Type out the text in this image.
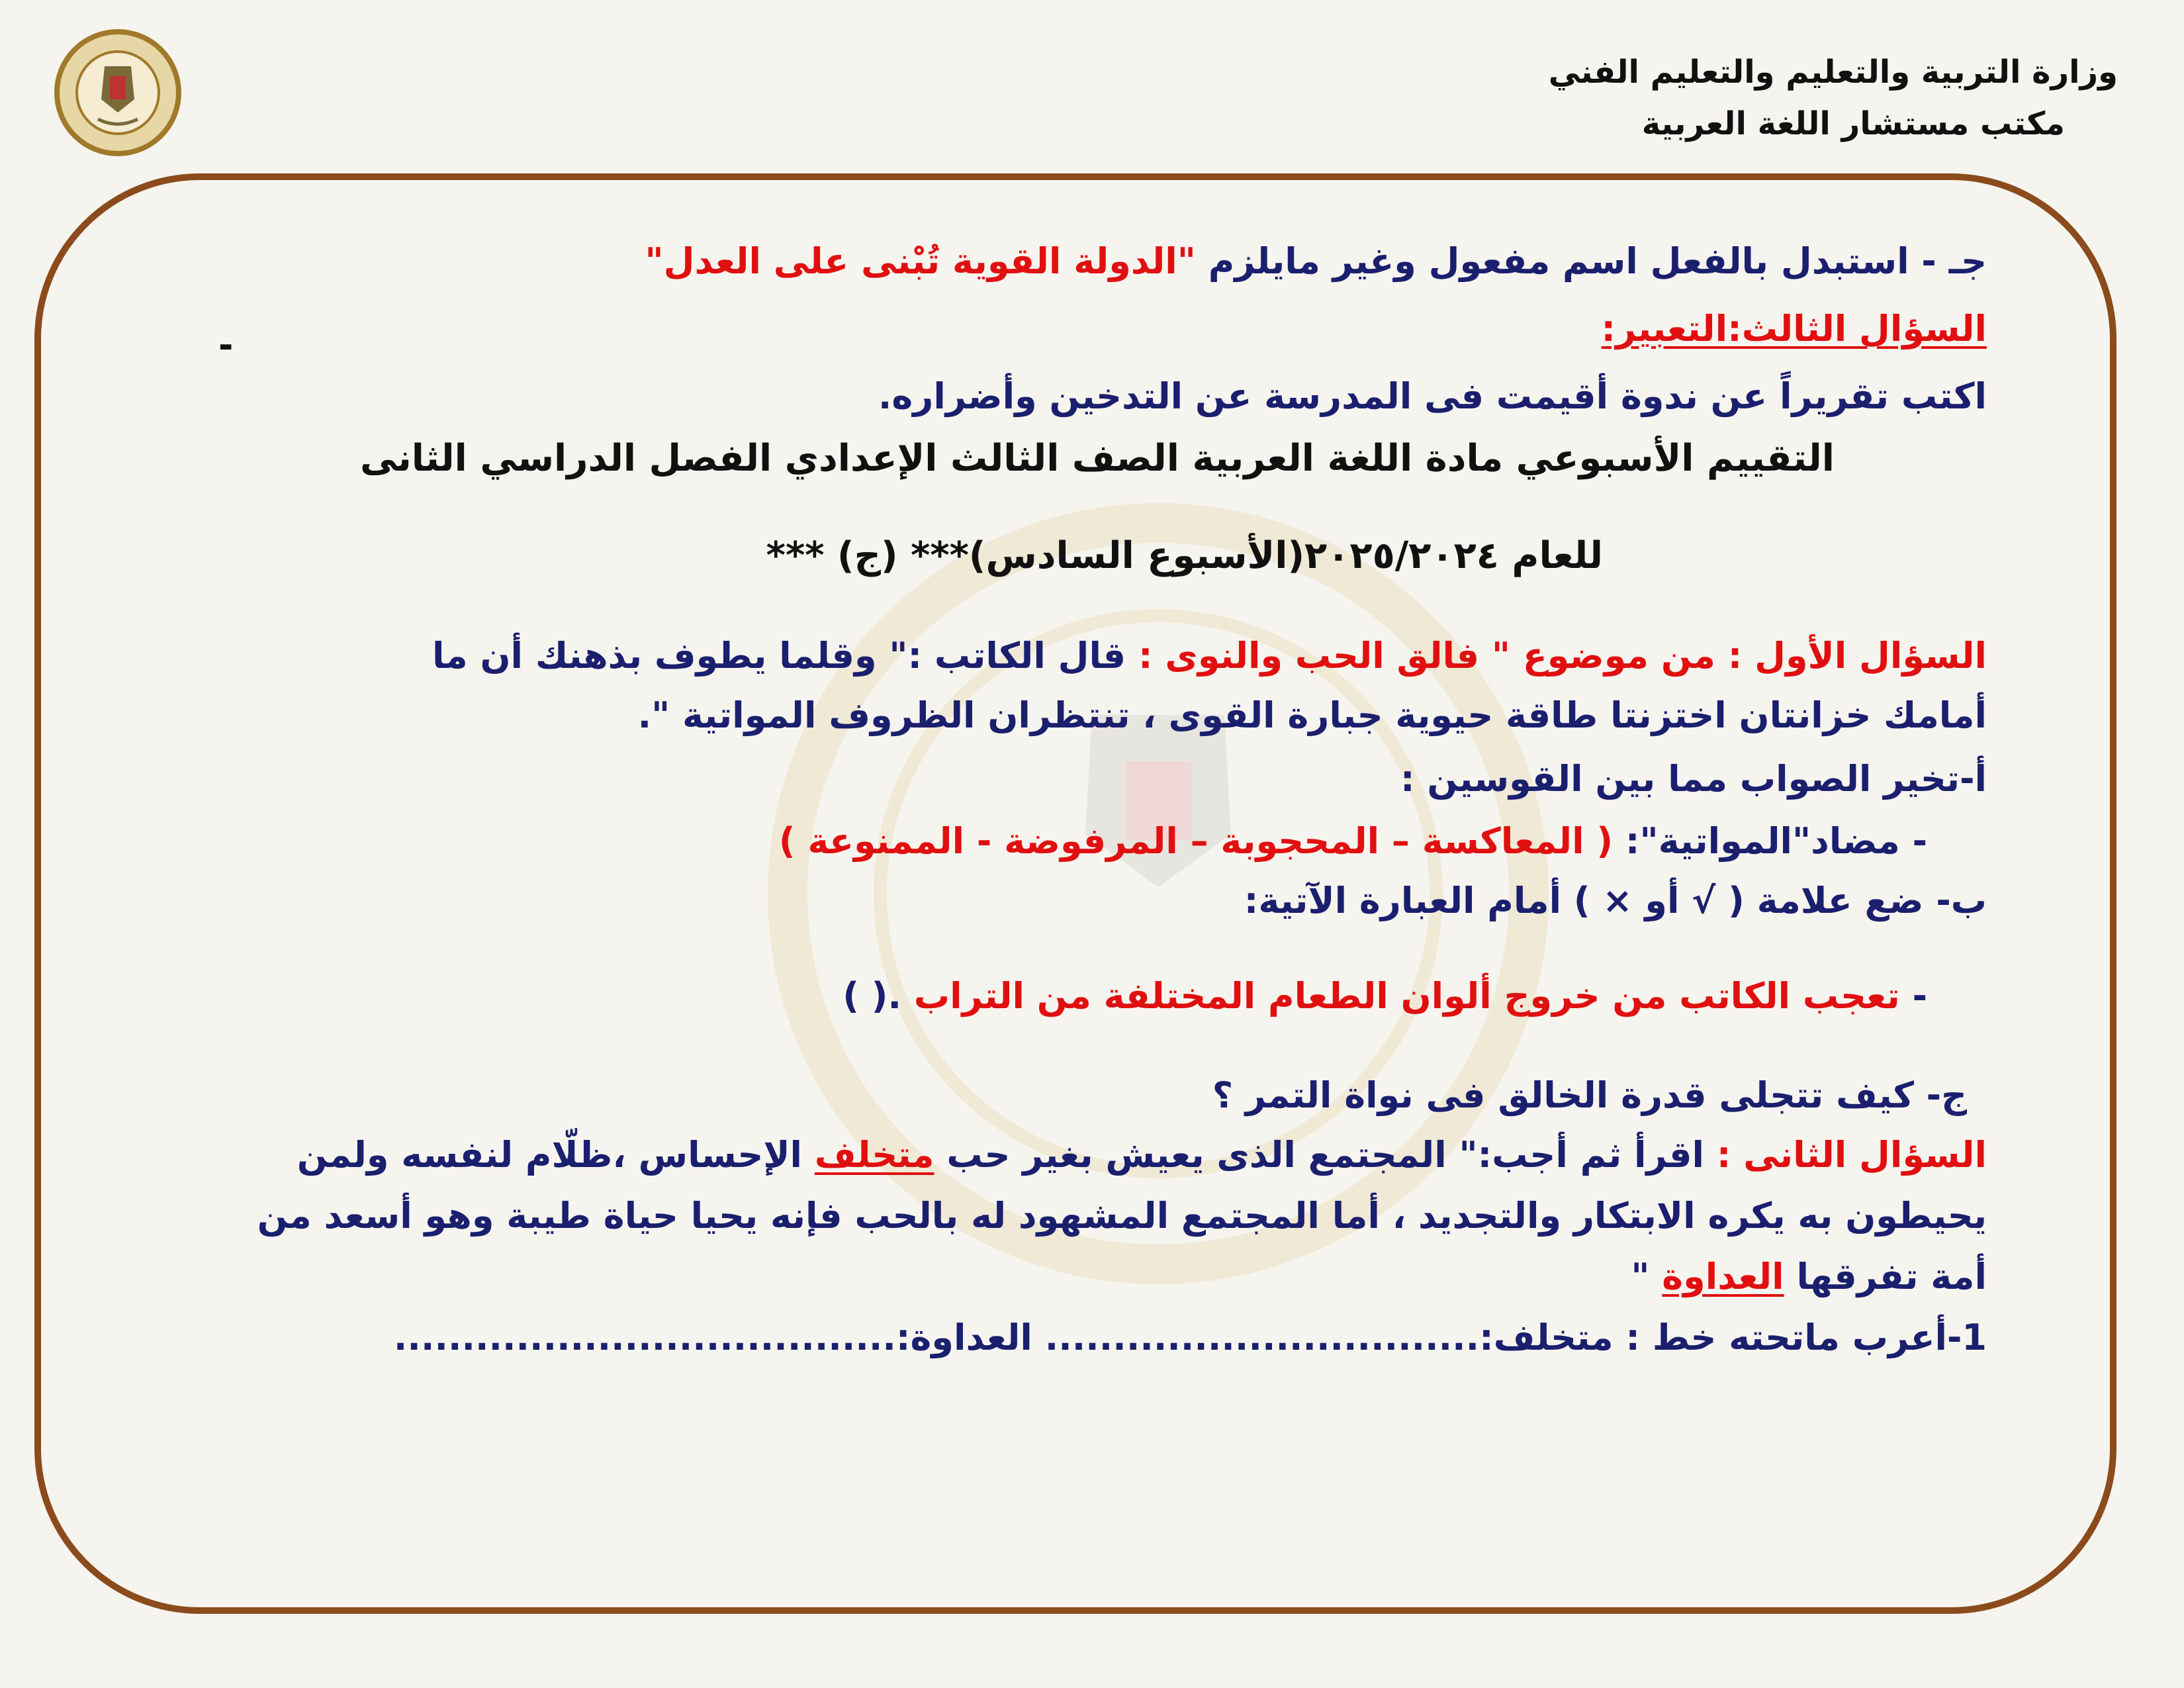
وزارة التربية والتعليم والتعليم الفني
مكتب مستشار اللغة العربية
جـ - استبدل بالفعل اسم مفعول وغير مايلزم "الدولة القوية تُبْنى على العدل"
السؤال الثالث:التعبير:
-
اكتب تقريراً عن ندوة أقيمت فى المدرسة عن التدخين وأضراره.
التقييم الأسبوعي مادة اللغة العربية الصف الثالث الإعدادي الفصل الدراسي الثانى
للعام ٢٠٢٥/٢٠٢٤(الأسبوع السادس)*** (ج) ***
السؤال الأول : من موضوع " فالق الحب والنوى : قال الكاتب :" وقلما يطوف بذهنك أن ما
أمامك خزانتان اختزنتا طاقة حيوية جبارة القوى ، تنتظران الظروف المواتية ".
أ-تخير الصواب مما بين القوسين :
- مضاد"المواتية": ( المعاكسة – المحجوبة – المرفوضة - الممنوعة )
ب- ضع علامة ( √ أو × ) أمام العبارة الآتية:
- تعجب الكاتب من خروج ألوان الطعام المختلفة من التراب .( )
ج- كيف تتجلى قدرة الخالق فى نواة التمر ؟
السؤال الثانى : اقرأ ثم أجب:" المجتمع الذى يعيش بغير حب متخلف الإحساس ،ظلّام لنفسه ولمن
يحيطون به يكره الابتكار والتجديد ، أما المجتمع المشهود له بالحب فإنه يحيا حياة طيبة وهو أسعد من
أمة تفرقها العداوة "
1-أعرب ماتحته خط : متخلف:................................ العداوة:.....................................
